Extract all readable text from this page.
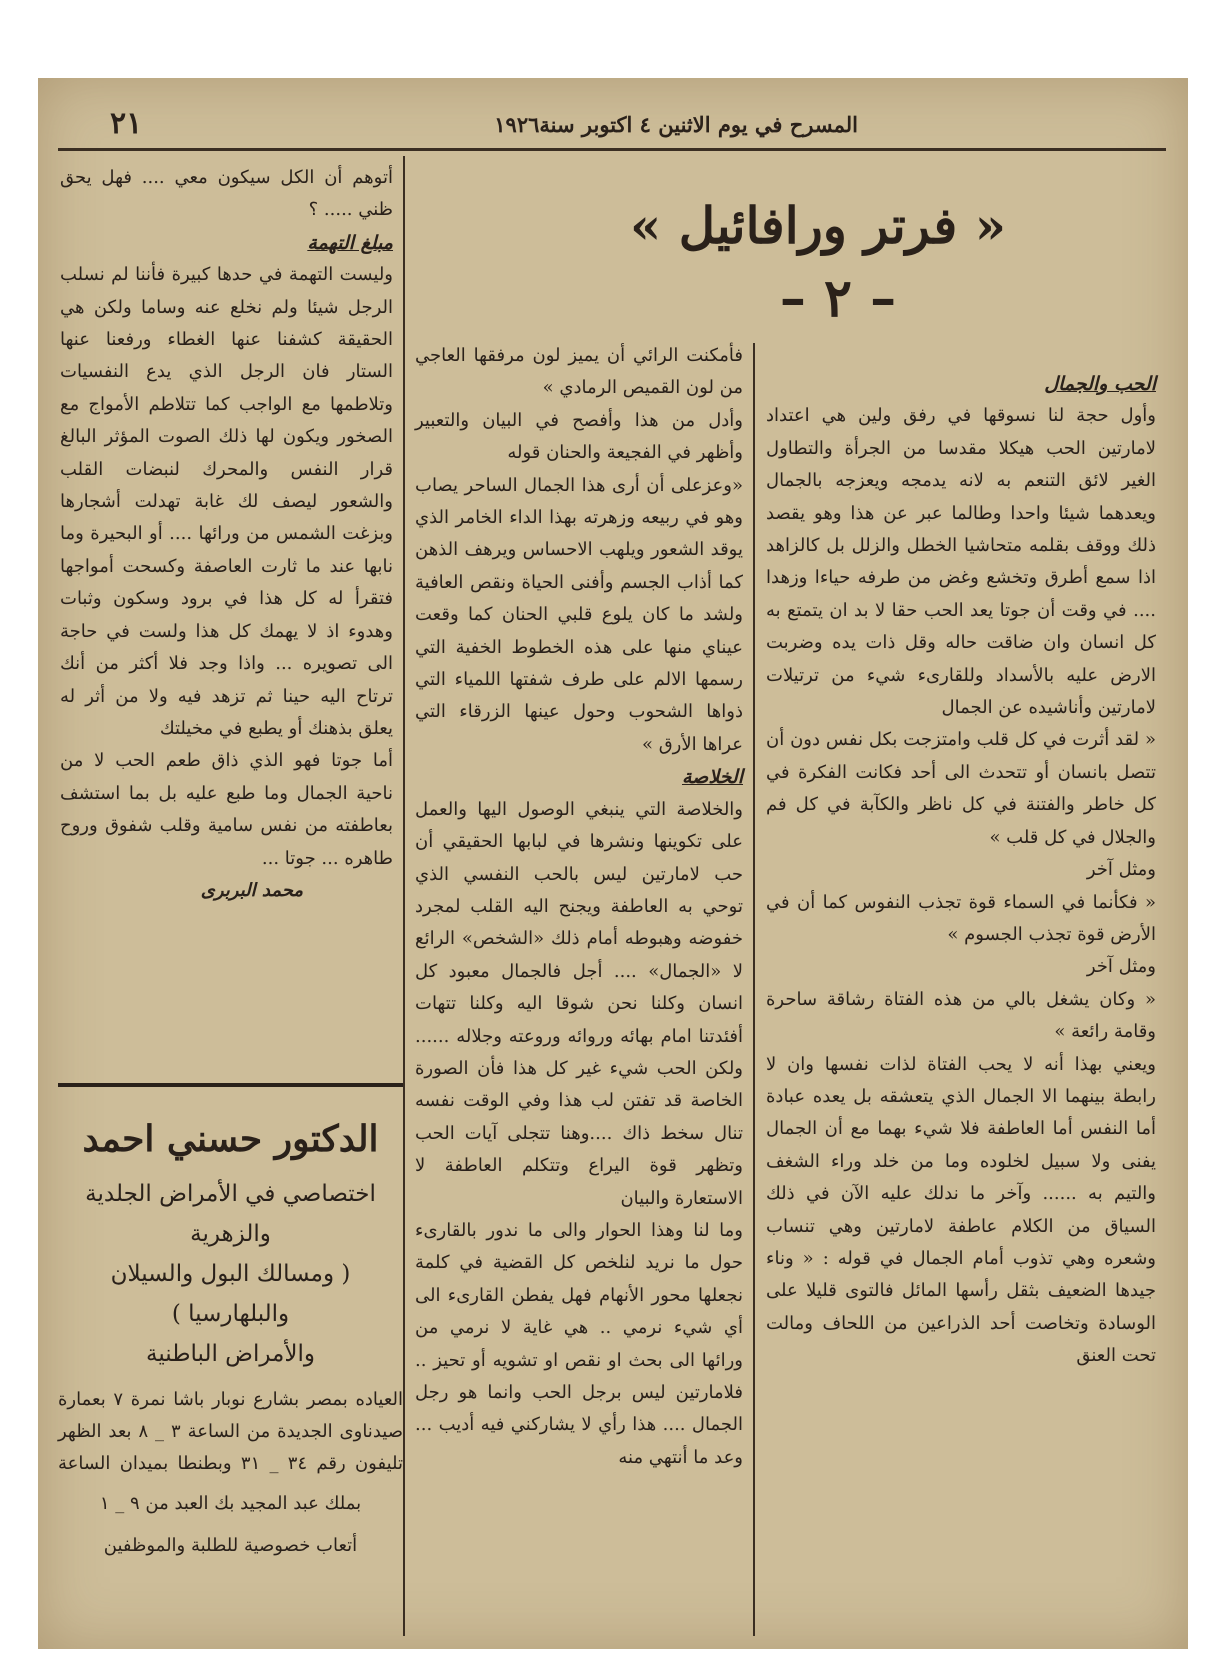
٢١	المسرح في يوم الاثنين ٤ اكتوبر سنة١٩٢٦
« فرتر ورافائيل »
– ٢ –

الحب والجمال

وأول حجة لنا نسوقها في رفق ولين هي اعتداد لامارتين الحب هيكلا مقدسا من الجرأة والتطاول الغير لائق التنعم به لانه يدمجه ويعزجه بالجمال ويعدهما شيئا واحدا وطالما عبر عن هذا وهو يقصد ذلك ووقف بقلمه متحاشيا الخطل والزلل بل كالزاهد اذا سمع أطرق وتخشع وغض من طرفه حياءا وزهدا .... في وقت أن جوتا يعد الحب حقا لا بد ان يتمتع به كل انسان وان ضاقت حاله وقل ذات يده وضربت الارض عليه بالأسداد وللقارىء شيء من ترتيلات لامارتين وأناشيده عن الجمال

« لقد أثرت في كل قلب وامتزجت بكل نفس دون أن تتصل بانسان أو تتحدث الى أحد فكانت الفكرة في كل خاطر والفتنة في كل ناظر والكآبة في كل فم والجلال في كل قلب »

ومثل آخر

« فكأنما في السماء قوة تجذب النفوس كما أن في الأرض قوة تجذب الجسوم »

ومثل آخر

« وكان يشغل بالي من هذه الفتاة رشاقة ساحرة وقامة رائعة »

ويعني بهذا أنه لا يحب الفتاة لذات نفسها وان لا رابطة بينهما الا الجمال الذي يتعشقه بل يعده عبادة أما النفس أما العاطفة فلا شيء بهما مع أن الجمال يفنى ولا سبيل لخلوده وما من خلد وراء الشغف والتيم به ...... وآخر ما ندلك عليه الآن في ذلك السياق من الكلام عاطفة لامارتين وهي تنساب وشعره وهي تذوب أمام الجمال في قوله : « وناء جيدها الضعيف بثقل رأسها المائل فالتوى قليلا على الوسادة وتخاصت أحد الذراعين من اللحاف ومالت تحت العنق

فأمكنت الرائي أن يميز لون مرفقها العاجي من لون القميص الرمادي »

وأدل من هذا وأفصح في البيان والتعبير وأظهر في الفجيعة والحنان قوله

«وعزعلى أن أرى هذا الجمال الساحر يصاب وهو في ربيعه وزهرته بهذا الداء الخامر الذي يوقد الشعور ويلهب الاحساس ويرهف الذهن كما أذاب الجسم وأفنى الحياة ونقص العافية ولشد ما كان يلوع قلبي الحنان كما وقعت عيناي منها على هذه الخطوط الخفية التي رسمها الالم على طرف شفتها اللمياء التي ذواها الشحوب وحول عينها الزرقاء التي عراها الأرق »

الخلاصة

والخلاصة التي ينبغي الوصول اليها والعمل على تكوينها ونشرها في لبابها الحقيقي أن حب لامارتين ليس بالحب النفسي الذي توحي به العاطفة ويجنح اليه القلب لمجرد خفوضه وهبوطه أمام ذلك «الشخص» الرائع لا «الجمال» .... أجل فالجمال معبود كل انسان وكلنا نحن شوقا اليه وكلنا تتهات أفئدتنا امام بهائه وروائه وروعته وجلاله ...... ولكن الحب شيء غير كل هذا فأن الصورة الخاصة قد تفتن لب هذا وفي الوقت نفسه تنال سخط ذاك ....وهنا تتجلى آيات الحب وتظهر قوة اليراع وتتكلم العاطفة لا الاستعارة والبيان

وما لنا وهذا الحوار والى ما ندور بالقارىء حول ما نريد لنلخص كل القضية في كلمة نجعلها محور الأنهام فهل يفطن القارىء الى أي شيء نرمي .. هي غاية لا نرمي من ورائها الى بحث او نقص او تشويه أو تحيز .. فلامارتين ليس برجل الحب وانما هو رجل الجمال .... هذا رأي لا يشاركني فيه أديب ... وعد ما أنتهي منه

أتوهم أن الكل سيكون معي .... فهل يحق ظني ..... ؟

مبلغ التهمة

وليست التهمة في حدها كبيرة فأننا لم نسلب الرجل شيئا ولم نخلع عنه وساما ولكن هي الحقيقة كشفنا عنها الغطاء ورفعنا عنها الستار فان الرجل الذي يدع النفسيات وتلاطمها مع الواجب كما تتلاطم الأمواج مع الصخور ويكون لها ذلك الصوت المؤثر البالغ قرار النفس والمحرك لنبضات القلب والشعور ليصف لك غابة تهدلت أشجارها وبزغت الشمس من ورائها .... أو البحيرة وما نابها عند ما ثارت العاصفة وكسحت أمواجها فتقرأ له كل هذا في برود وسكون وثبات وهدوء اذ لا يهمك كل هذا ولست في حاجة الى تصويره ... واذا وجد فلا أكثر من أنك ترتاح اليه حينا ثم تزهد فيه ولا من أثر له يعلق بذهنك أو يطبع في مخيلتك

أما جوتا فهو الذي ذاق طعم الحب لا من ناحية الجمال وما طبع عليه بل بما استشف بعاطفته من نفس سامية وقلب شفوق وروح طاهره ... جوتا ...

محمد البربرى

الدكتور حسني احمد
اختصاصي في الأمراض الجلدية والزهرية
( ومسالك البول والسيلان والبلهارسيا )
والأمراض الباطنية
العياده بمصر بشارع نوبار باشا نمرة ٧ بعمارة صيدناوى الجديدة من الساعة ٣ _ ٨ بعد الظهر تليفون رقم ٣٤ _ ٣١ وبطنطا بميدان الساعة
بملك عبد المجيد بك العبد من ٩ _ ١
أتعاب خصوصية للطلبة والموظفين
